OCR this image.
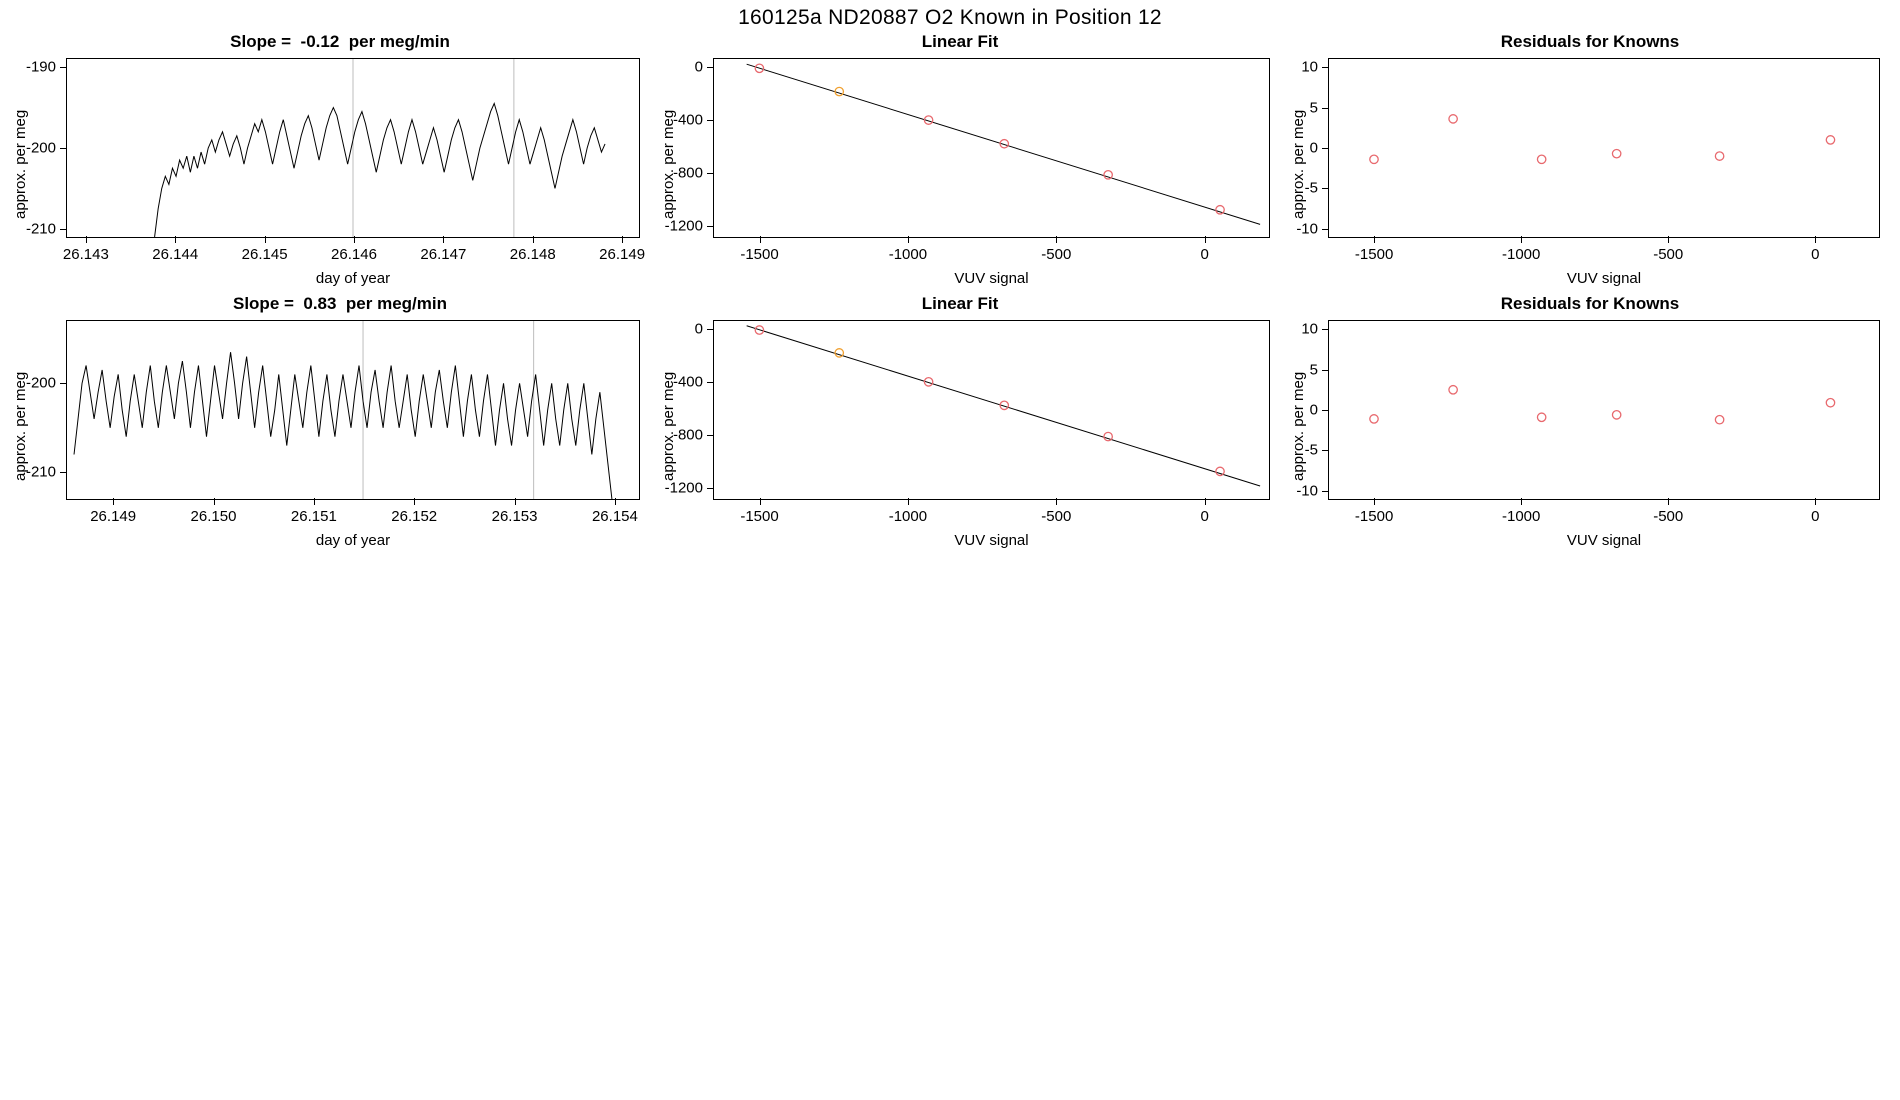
160125a ND20887 O2 Known in Position 12
Slope = -0.12 per meg/min	Linear Fit	Residuals for Knowns
Slope = 0.83 per meg/min	Linear Fit	Residuals for Knowns
26.143	26.144	26.145	26.146	26.147	26.148	26.149
-210
-200
-190
day of year
approx. per meg
-1500	-1000	-500	0
0
-400
-800
-1200
VUV signal
approx. per meg
-1500	-1000	-500	0
-10
-5
0
5
10
VUV signal
approx. per meg
26.149	26.150	26.151	26.152	26.153	26.154
-210
-200
day of year
approx. per meg
-1500	-1000	-500	0
0
-400
-800
-1200
VUV signal
approx. per meg
-1500	-1000	-500	0
-10
-5
0
5
10
VUV signal
approx. per meg
